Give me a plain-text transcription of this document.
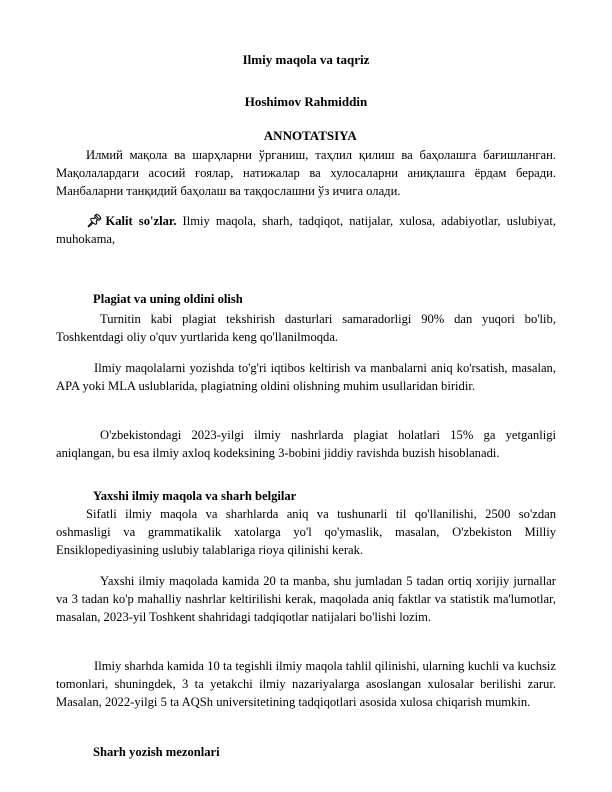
Ilmiy maqola va taqriz

Hoshimov Rahmiddin

ANNOTATSIYA

Илмий мақола ва шарҳларни ўрганиш, таҳлил қилиш ва баҳолашга бағишланган. Мақолалардаги асосий ғоялар, натижалар ва хулосаларни аниқлашга ёрдам беради. Манбаларни танқидий баҳолаш ва тақqослашни ўз ичига олади.

📌︎Kalit so'zlar. Ilmiy maqola, sharh, tadqiqot, natijalar, xulosa, adabiyotlar, uslubiyat, muhokama,

Plagiat va uning oldini olish

Turnitin kabi plagiat tekshirish dasturlari samaradorligi 90% dan yuqori bo'lib, Toshkentdagi oliy o'quv yurtlarida keng qo'llanilmoqda.

Ilmiy maqolalarni yozishda to'g'ri iqtibos keltirish va manbalarni aniq ko'rsatish, masalan, APA yoki MLA uslublarida, plagiatning oldini olishning muhim usullaridan biridir.

O'zbekistondagi 2023-yilgi ilmiy nashrlarda plagiat holatlari 15% ga yetganligi aniqlangan, bu esa ilmiy axloq kodeksining 3-bobini jiddiy ravishda buzish hisoblanadi.

Yaxshi ilmiy maqola va sharh belgilar

Sifatli ilmiy maqola va sharhlarda aniq va tushunarli til qo'llanilishi, 2500 so'zdan oshmasligi va grammatikalik xatolarga yo'l qo'ymaslik, masalan, O'zbekiston Milliy Ensiklopediyasining uslubiy talablariga rioya qilinishi kerak.

Yaxshi ilmiy maqolada kamida 20 ta manba, shu jumladan 5 tadan ortiq xorijiy jurnallar va 3 tadan ko'p mahalliy nashrlar keltirilishi kerak, maqolada aniq faktlar va statistik ma'lumotlar, masalan, 2023-yil Toshkent shahridagi tadqiqotlar natijalari bo'lishi lozim.

Ilmiy sharhda kamida 10 ta tegishli ilmiy maqola tahlil qilinishi, ularning kuchli va kuchsiz tomonlari, shuningdek, 3 ta yetakchi ilmiy nazariyalarga asoslangan xulosalar berilishi zarur. Masalan, 2022-yilgi 5 ta AQSh universitetining tadqiqotlari asosida xulosa chiqarish mumkin.

Sharh yozish mezonlari
